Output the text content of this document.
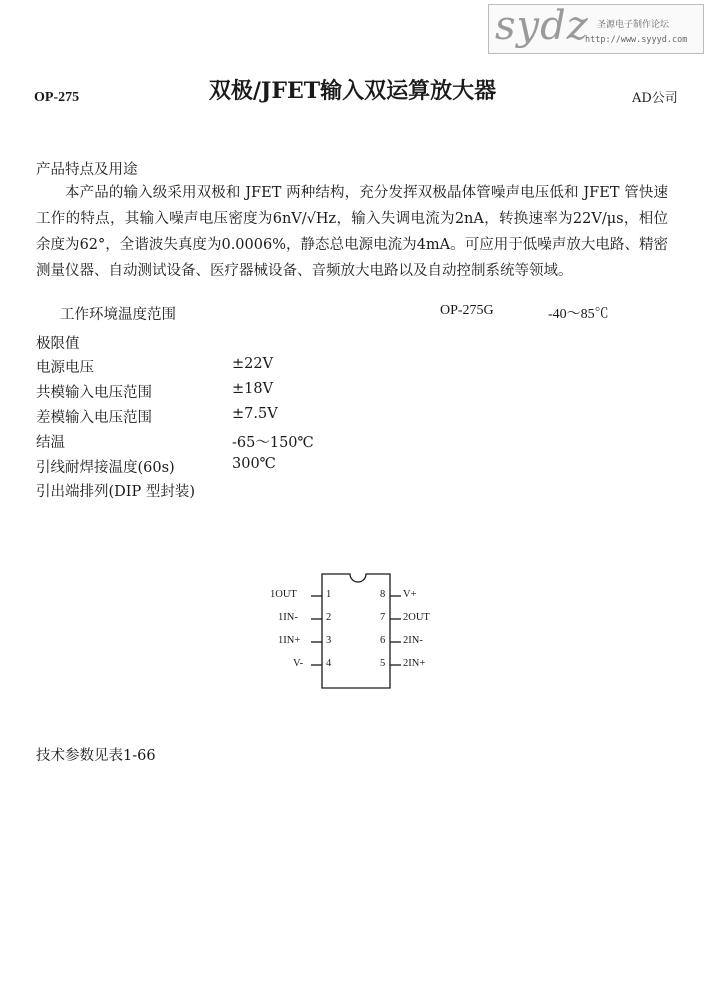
sydz 圣源电子制作论坛
http://www.syyyd.com
OP-275	双极/JFET输入双运算放大器	AD公司
产品特点及用途
本产品的输入级采用双极和 JFET 两种结构，充分发挥双极晶体管噪声电压低和 JFET 管快速工作的特点，其输入噪声电压密度为6nV/√Hz，输入失调电流为2nA，转换速率为22V/μs，相位余度为62°，全谐波失真度为0.0006%，静态总电源电流为4mA。可应用于低噪声放大电路、精密测量仪器、自动测试设备、医疗器械设备、音频放大电路以及自动控制系统等领域。
工作环境温度范围	OP-275G	-40～85℃
极限值
电源电压	±22V
共模输入电压范围	±18V
差模输入电压范围	±7.5V
结温	-65～150℃
引线耐焊接温度(60s)	300℃
引出端排列(DIP 型封装)
1OUT	1
1IN-	2
1IN+ 3
V- 4
8 V+
7 2OUT
6 2IN-
5 2IN+
技术参数见表1-66
